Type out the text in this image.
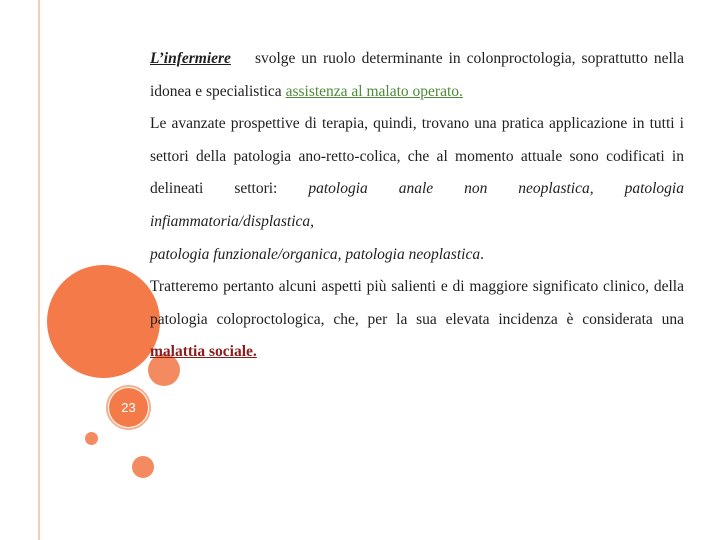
23

L’infermiere svolge un ruolo determinante in colonproctologia, soprattutto nella idonea e specialistica assistenza al malato operato.

Le avanzate prospettive di terapia, quindi, trovano una pratica applicazione in tutti i settori della patologia ano-retto-colica, che al momento attuale sono codificati in delineati settori: patologia anale non neoplastica, patologia infiammatoria/displastica,
patologia funzionale/organica, patologia neoplastica.

Tratteremo pertanto alcuni aspetti più salienti e di maggiore significato clinico, della patologia coloproctologica, che, per la sua elevata incidenza è considerata una malattia sociale.
